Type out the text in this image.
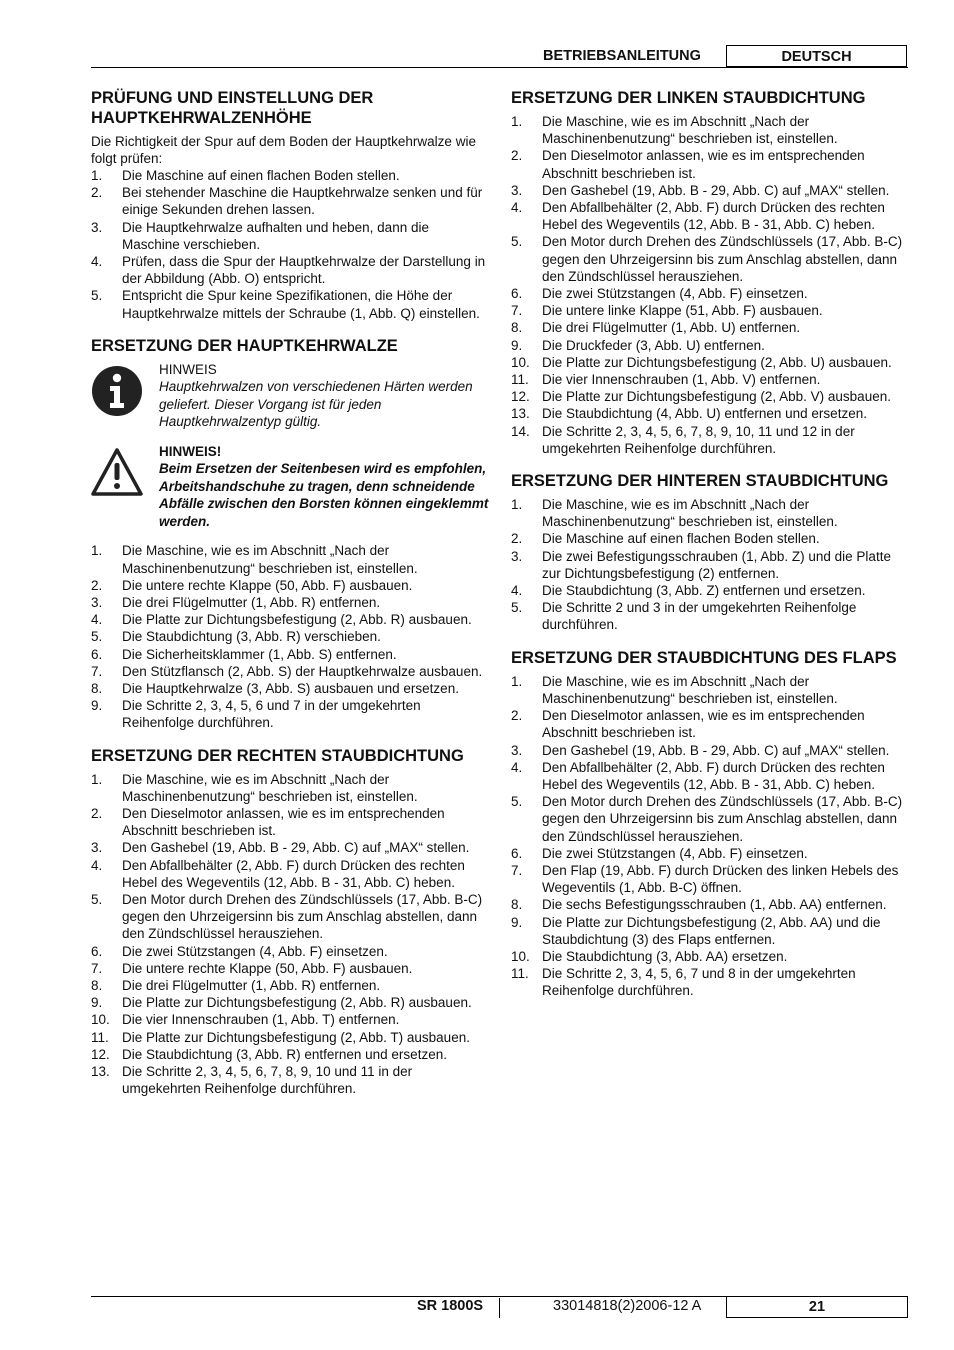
BETRIEBSANLEITUNG	DEUTSCH
PRÜFUNG UND EINSTELLUNG DER HAUPTKEHRWALZENHÖHE

Die Richtigkeit der Spur auf dem Boden der Hauptkehrwalze wie folgt prüfen:

1. Die Maschine auf einen flachen Boden stellen.
2. Bei stehender Maschine die Hauptkehrwalze senken und für einige Sekunden drehen lassen.
3. Die Hauptkehrwalze aufhalten und heben, dann die Maschine verschieben.
4. Prüfen, dass die Spur der Hauptkehrwalze der Darstellung in der Abbildung (Abb. O) entspricht.
5. Entspricht die Spur keine Spezifikationen, die Höhe der Hauptkehrwalze mittels der Schraube (1, Abb. Q) einstellen.
ERSETZUNG DER HAUPTKEHRWALZE
HINWEIS
Hauptkehrwalzen von verschiedenen Härten werden geliefert. Dieser Vorgang ist für jeden Hauptkehrwalzentyp gültig.
HINWEIS!
Beim Ersetzen der Seitenbesen wird es empfohlen, Arbeitshandschuhe zu tragen, denn schneidende Abfälle zwischen den Borsten können eingeklemmt werden.
1. Die Maschine, wie es im Abschnitt „Nach der Maschinenbenutzung“ beschrieben ist, einstellen.
2. Die untere rechte Klappe (50, Abb. F) ausbauen.
3. Die drei Flügelmutter (1, Abb. R) entfernen.
4. Die Platte zur Dichtungsbefestigung (2, Abb. R) ausbauen.
5. Die Staubdichtung (3, Abb. R) verschieben.
6. Die Sicherheitsklammer (1, Abb. S) entfernen.
7. Den Stützflansch (2, Abb. S) der Hauptkehrwalze ausbauen.
8. Die Hauptkehrwalze (3, Abb. S) ausbauen und ersetzen.
9. Die Schritte 2, 3, 4, 5, 6 und 7 in der umgekehrten Reihenfolge durchführen.
ERSETZUNG DER RECHTEN STAUBDICHTUNG
1. Die Maschine, wie es im Abschnitt „Nach der Maschinenbenutzung“ beschrieben ist, einstellen.
2. Den Dieselmotor anlassen, wie es im entsprechenden Abschnitt beschrieben ist.
3. Den Gashebel (19, Abb. B - 29, Abb. C) auf „MAX“ stellen.
4. Den Abfallbehälter (2, Abb. F) durch Drücken des rechten Hebel des Wegeventils (12, Abb. B - 31, Abb. C) heben.
5. Den Motor durch Drehen des Zündschlüssels (17, Abb. B-C) gegen den Uhrzeigersinn bis zum Anschlag abstellen, dann den Zündschlüssel herausziehen.
6. Die zwei Stützstangen (4, Abb. F) einsetzen.
7. Die untere rechte Klappe (50, Abb. F) ausbauen.
8. Die drei Flügelmutter (1, Abb. R) entfernen.
9. Die Platte zur Dichtungsbefestigung (2, Abb. R) ausbauen.
10. Die vier Innenschrauben (1, Abb. T) entfernen.
11. Die Platte zur Dichtungsbefestigung (2, Abb. T) ausbauen.
12. Die Staubdichtung (3, Abb. R) entfernen und ersetzen.
13. Die Schritte 2, 3, 4, 5, 6, 7, 8, 9, 10 und 11 in der umgekehrten Reihenfolge durchführen.
ERSETZUNG DER LINKEN STAUBDICHTUNG
1. Die Maschine, wie es im Abschnitt „Nach der Maschinenbenutzung“ beschrieben ist, einstellen.
2. Den Dieselmotor anlassen, wie es im entsprechenden Abschnitt beschrieben ist.
3. Den Gashebel (19, Abb. B - 29, Abb. C) auf „MAX“ stellen.
4. Den Abfallbehälter (2, Abb. F) durch Drücken des rechten Hebel des Wegeventils (12, Abb. B - 31, Abb. C) heben.
5. Den Motor durch Drehen des Zündschlüssels (17, Abb. B-C) gegen den Uhrzeigersinn bis zum Anschlag abstellen, dann den Zündschlüssel herausziehen.
6. Die zwei Stützstangen (4, Abb. F) einsetzen.
7. Die untere linke Klappe (51, Abb. F) ausbauen.
8. Die drei Flügelmutter (1, Abb. U) entfernen.
9. Die Druckfeder (3, Abb. U) entfernen.
10. Die Platte zur Dichtungsbefestigung (2, Abb. U) ausbauen.
11. Die vier Innenschrauben (1, Abb. V) entfernen.
12. Die Platte zur Dichtungsbefestigung (2, Abb. V) ausbauen.
13. Die Staubdichtung (4, Abb. U) entfernen und ersetzen.
14. Die Schritte 2, 3, 4, 5, 6, 7, 8, 9, 10, 11 und 12 in der umgekehrten Reihenfolge durchführen.
ERSETZUNG DER HINTEREN STAUBDICHTUNG
1. Die Maschine, wie es im Abschnitt „Nach der Maschinenbenutzung“ beschrieben ist, einstellen.
2. Die Maschine auf einen flachen Boden stellen.
3. Die zwei Befestigungsschrauben (1, Abb. Z) und die Platte zur Dichtungsbefestigung (2) entfernen.
4. Die Staubdichtung (3, Abb. Z) entfernen und ersetzen.
5. Die Schritte 2 und 3 in der umgekehrten Reihenfolge durchführen.
ERSETZUNG DER STAUBDICHTUNG DES FLAPS
1. Die Maschine, wie es im Abschnitt „Nach der Maschinenbenutzung“ beschrieben ist, einstellen.
2. Den Dieselmotor anlassen, wie es im entsprechenden Abschnitt beschrieben ist.
3. Den Gashebel (19, Abb. B - 29, Abb. C) auf „MAX“ stellen.
4. Den Abfallbehälter (2, Abb. F) durch Drücken des rechten Hebel des Wegeventils (12, Abb. B - 31, Abb. C) heben.
5. Den Motor durch Drehen des Zündschlüssels (17, Abb. B-C) gegen den Uhrzeigersinn bis zum Anschlag abstellen, dann den Zündschlüssel herausziehen.
6. Die zwei Stützstangen (4, Abb. F) einsetzen.
7. Den Flap (19, Abb. F) durch Drücken des linken Hebels des Wegeventils (1, Abb. B-C) öffnen.
8. Die sechs Befestigungsschrauben (1, Abb. AA) entfernen.
9. Die Platte zur Dichtungsbefestigung (2, Abb. AA) und die Staubdichtung (3) des Flaps entfernen.
10. Die Staubdichtung (3, Abb. AA) ersetzen.
11. Die Schritte 2, 3, 4, 5, 6, 7 und 8 in der umgekehrten Reihenfolge durchführen.
SR 1800S	33014818(2)2006-12 A	21
